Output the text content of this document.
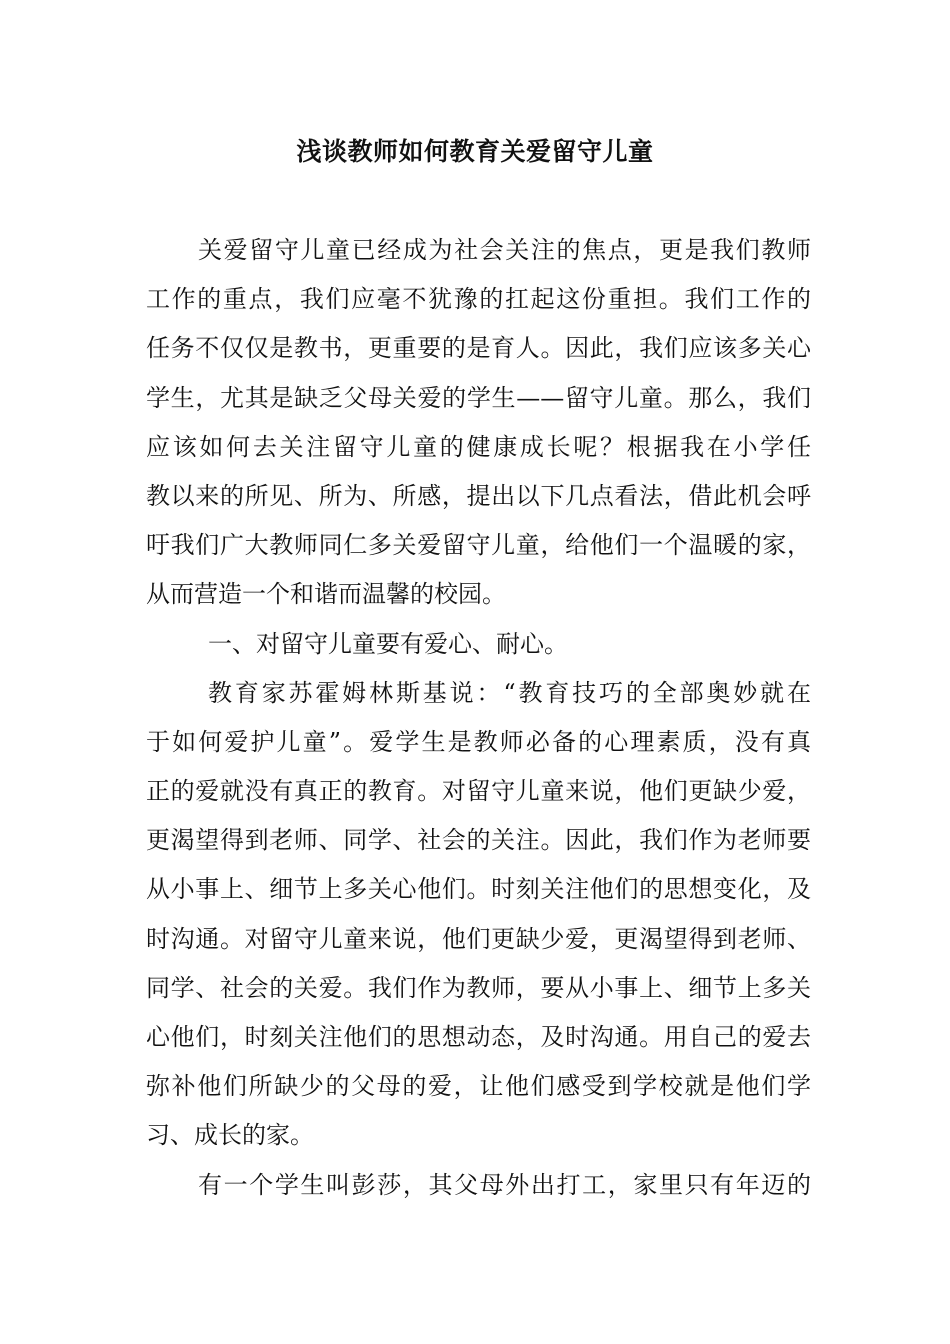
浅谈教师如何教育关爱留守儿童
关爱留守儿童已经成为社会关注的焦点，更是我们教师
工作的重点，我们应毫不犹豫的扛起这份重担。我们工作的
任务不仅仅是教书，更重要的是育人。因此，我们应该多关心
学生，尤其是缺乏父母关爱的学生——留守儿童。那么，我们
应该如何去关注留守儿童的健康成长呢？根据我在小学任
教以来的所见、所为、所感，提出以下几点看法，借此机会呼
吁我们广大教师同仁多关爱留守儿童，给他们一个温暖的家，
从而营造一个和谐而温馨的校园。
一、对留守儿童要有爱心、耐心。
教育家苏霍姆林斯基说：“教育技巧的全部奥妙就在
于如何爱护儿童”。爱学生是教师必备的心理素质，没有真
正的爱就没有真正的教育。对留守儿童来说，他们更缺少爱，
更渴望得到老师、同学、社会的关注。因此，我们作为老师要
从小事上、细节上多关心他们。时刻关注他们的思想变化，及
时沟通。对留守儿童来说，他们更缺少爱，更渴望得到老师、
同学、社会的关爱。我们作为教师，要从小事上、细节上多关
心他们，时刻关注他们的思想动态，及时沟通。用自己的爱去
弥补他们所缺少的父母的爱，让他们感受到学校就是他们学
习、成长的家。
有一个学生叫彭莎，其父母外出打工，家里只有年迈的
